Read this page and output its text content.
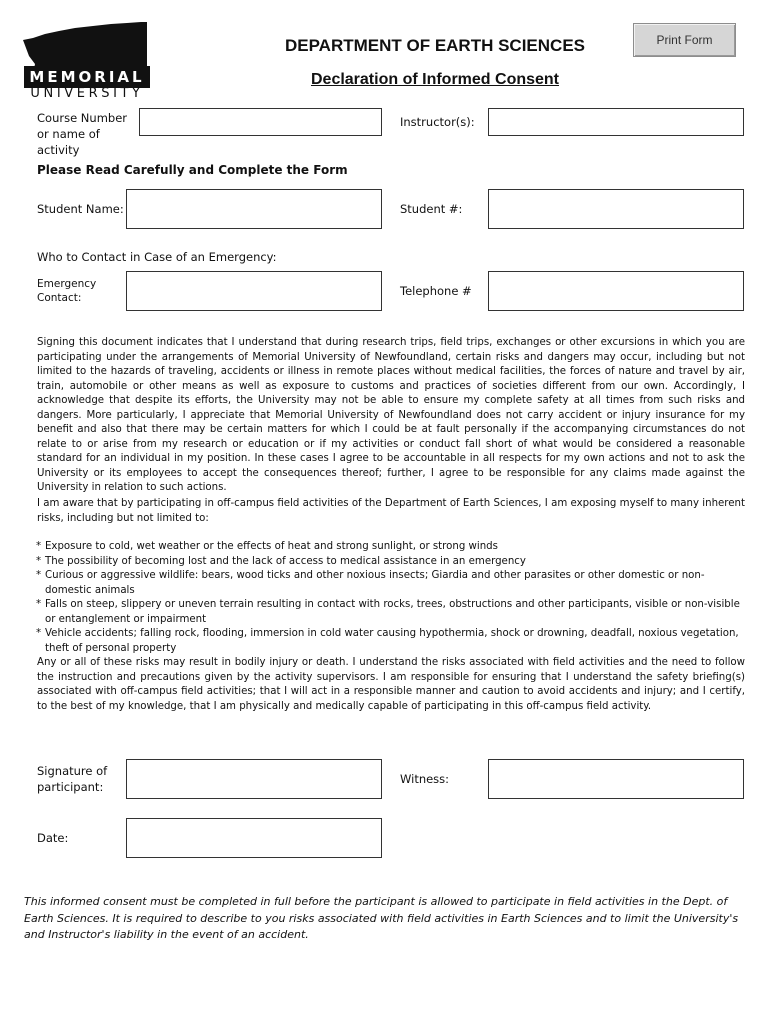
MEMORIAL
UNIVERSITY
DEPARTMENT OF EARTH SCIENCES
Declaration of Informed Consent
Print Form
Course Number or name of activity
Instructor(s):
Please Read Carefully and Complete the Form
Student Name:	Student #:
Who to Contact in Case of an Emergency:
Emergency Contact:	Telephone #

Signing this document indicates that I understand that during research trips, field trips, exchanges or other excursions in which you are participating under the arrangements of Memorial University of Newfoundland, certain risks and dangers may occur, including but not limited to the hazards of traveling, accidents or illness in remote places without medical facilities, the forces of nature and travel by air, train, automobile or other means as well as exposure to customs and practices of societies different from our own. Accordingly, I acknowledge that despite its efforts, the University may not be able to ensure my complete safety at all times from such risks and dangers. More particularly, I appreciate that Memorial University of Newfoundland does not carry accident or injury insurance for my benefit and also that there may be certain matters for which I could be at fault personally if the accompanying circumstances do not relate to or arise from my research or education or if my activities or conduct fall short of what would be considered a reasonable standard for an individual in my position. In these cases I agree to be accountable in all respects for my own actions and not to ask the University or its employees to accept the consequences thereof; further, I agree to be responsible for any claims made against the University in relation to such actions.

I am aware that by participating in off-campus field activities of the Department of Earth Sciences, I am exposing myself to many inherent risks, including but not limited to:

* Exposure to cold, wet weather or the effects of heat and strong sunlight, or strong winds
* The possibility of becoming lost and the lack of access to medical assistance in an emergency
* Curious or aggressive wildlife: bears, wood ticks and other noxious insects; Giardia and other parasites or other domestic or non-domestic animals
* Falls on steep, slippery or uneven terrain resulting in contact with rocks, trees, obstructions and other participants, visible or non-visible or entanglement or impairment
* Vehicle accidents; falling rock, flooding, immersion in cold water causing hypothermia, shock or drowning, deadfall, noxious vegetation, theft of personal property

Any or all of these risks may result in bodily injury or death. I understand the risks associated with field activities and the need to follow the instruction and precautions given by the activity supervisors. I am responsible for ensuring that I understand the safety briefing(s) associated with off-campus field activities; that I will act in a responsible manner and caution to avoid accidents and injury; and I certify, to the best of my knowledge, that I am physically and medically capable of participating in this off-campus field activity.

Signature of participant:
Witness:
Date:

This informed consent must be completed in full before the participant is allowed to participate in field activities in the Dept. of Earth Sciences. It is required to describe to you risks associated with field activities in Earth Sciences and to limit the University's and Instructor's liability in the event of an accident.
